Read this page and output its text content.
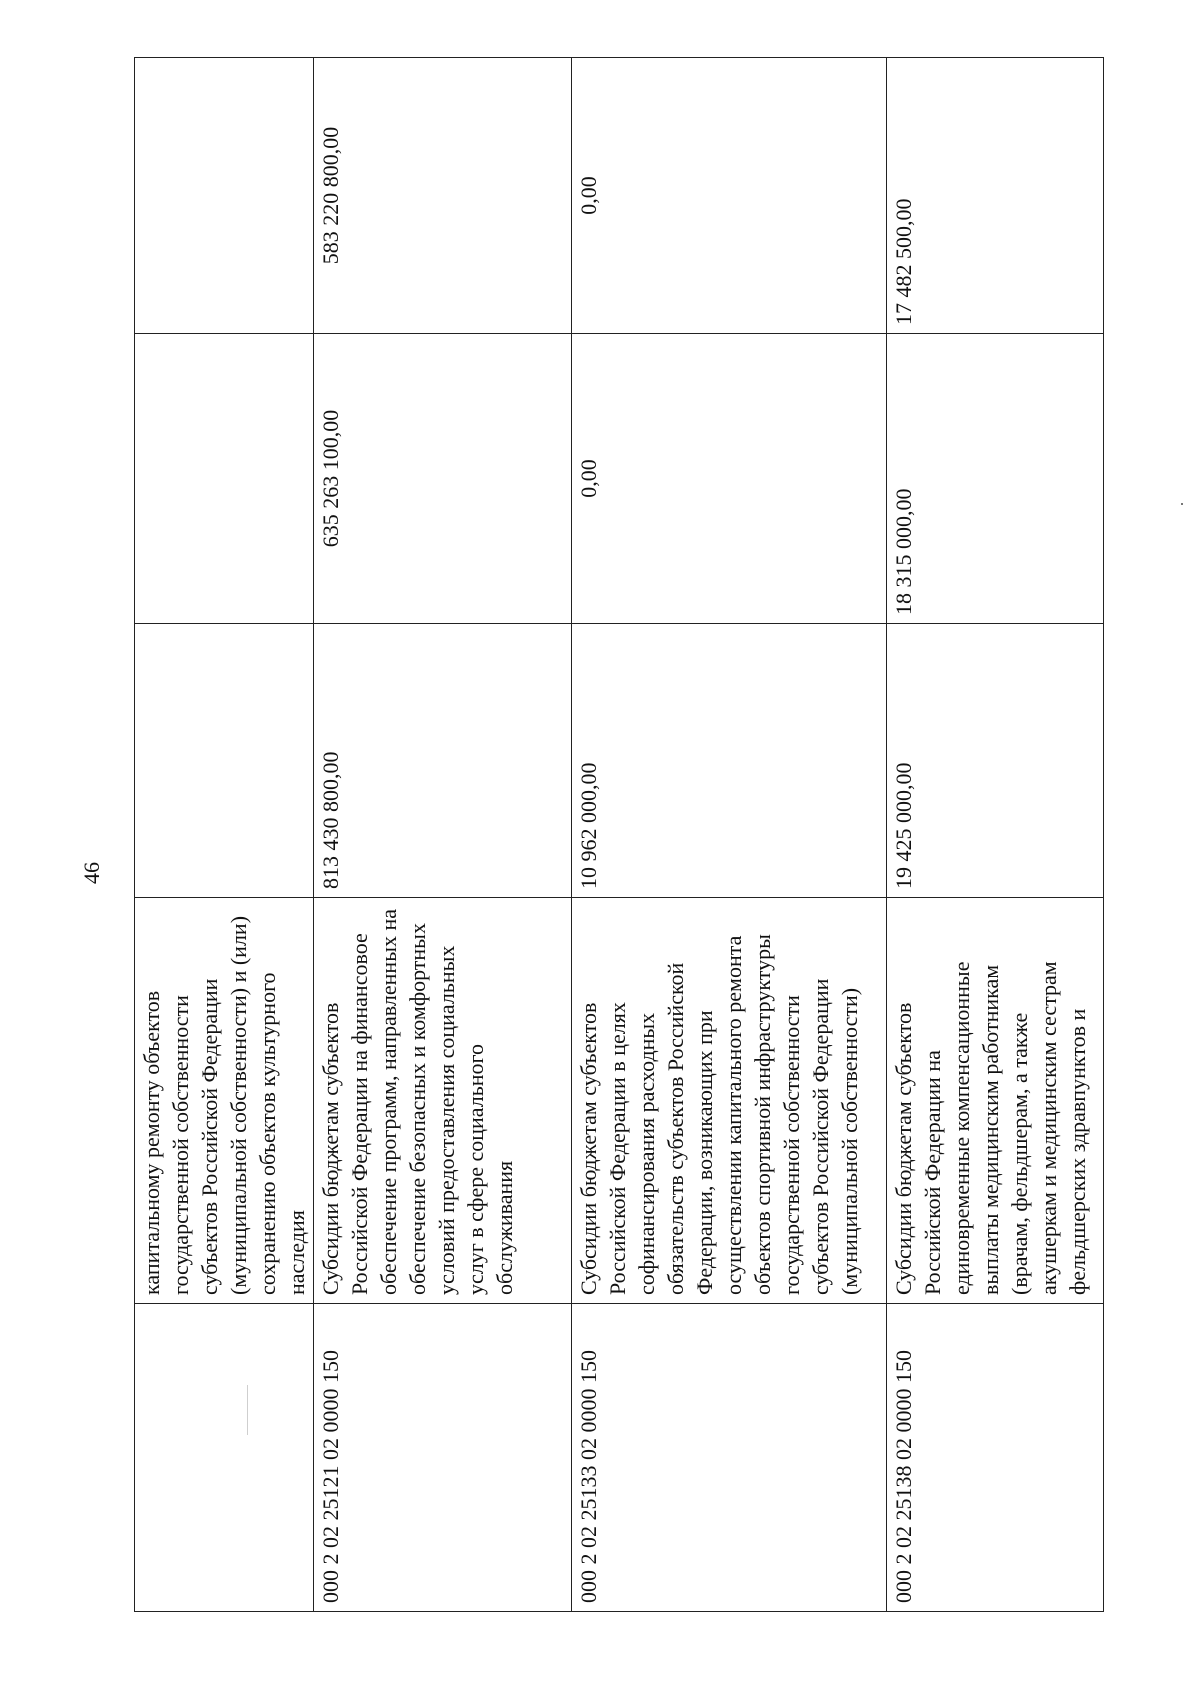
46
	капитальному ремонту объектов государственной собственности субъектов Российской Федерации (муниципальной собственности) и (или) сохранению объектов культурного наследия			
000 2 02 25121 02 0000 150	Субсидии бюджетам субъектов Российской Федерации на финансовое обеспечение программ, направленных на обеспечение безопасных и комфортных условий предоставления социальных услуг в сфере социального обслуживания	813 430 800,00	635 263 100,00	583 220 800,00
000 2 02 25133 02 0000 150	Субсидии бюджетам субъектов Российской Федерации в целях софинансирования расходных обязательств субъектов Российской Федерации, возникающих при осуществлении капитального ремонта объектов спортивной инфраструктуры государственной собственности субъектов Российской Федерации (муниципальной собственности)	10 962 000,00	0,00	0,00
000 2 02 25138 02 0000 150	Субсидии бюджетам субъектов Российской Федерации на единовременные компенсационные выплаты медицинским работникам (врачам, фельдшерам, а также акушеркам и медицинским сестрам фельдшерских здравпунктов и	19 425 000,00	18 315 000,00	17 482 500,00
